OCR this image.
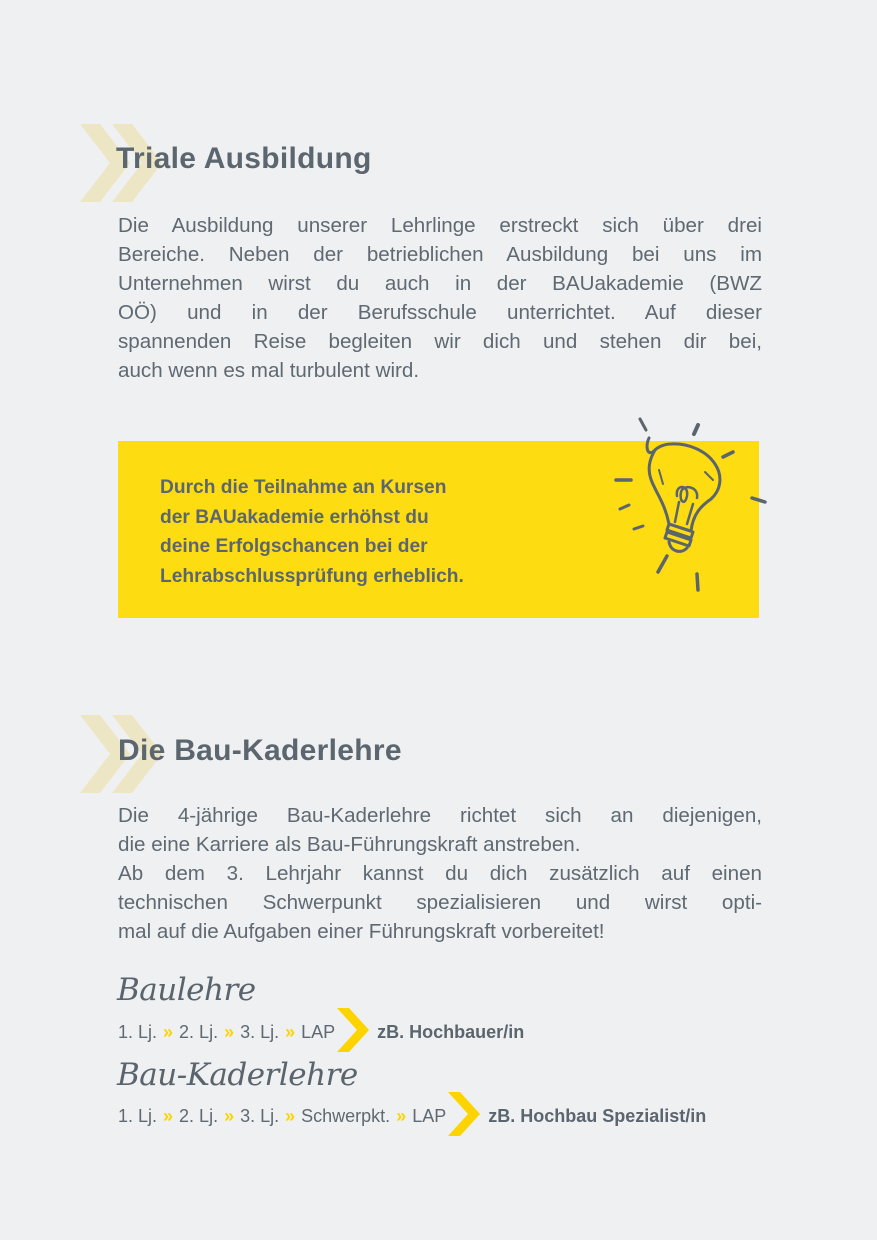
Triale Ausbildung
Die Ausbildung unserer Lehrlinge erstreckt sich über drei
Bereiche. Neben der betrieblichen Ausbildung bei uns im
Unternehmen wirst du auch in der BAUakademie (BWZ
OÖ) und in der Berufsschule unterrichtet. Auf dieser
spannenden Reise begleiten wir dich und stehen dir bei,
auch wenn es mal turbulent wird.
Durch die Teilnahme an Kursen
der BAUakademie erhöhst du
deine Erfolgschancen bei der
Lehrabschlussprüfung erheblich.
Die Bau-Kaderlehre
Die 4-jährige Bau-Kaderlehre richtet sich an diejenigen,
die eine Karriere als Bau-Führungskraft anstreben.
Ab dem 3. Lehrjahr kannst du dich zusätzlich auf einen
technischen Schwerpunkt spezialisieren und wirst opti-
mal auf die Aufgaben einer Führungskraft vorbereitet!
Baulehre
1. Lj. » 2. Lj. » 3. Lj. » LAP zB. Hochbauer/in
Bau-Kaderlehre
1. Lj. » 2. Lj. » 3. Lj. » Schwerpkt. » LAP zB. Hochbau Spezialist/in
